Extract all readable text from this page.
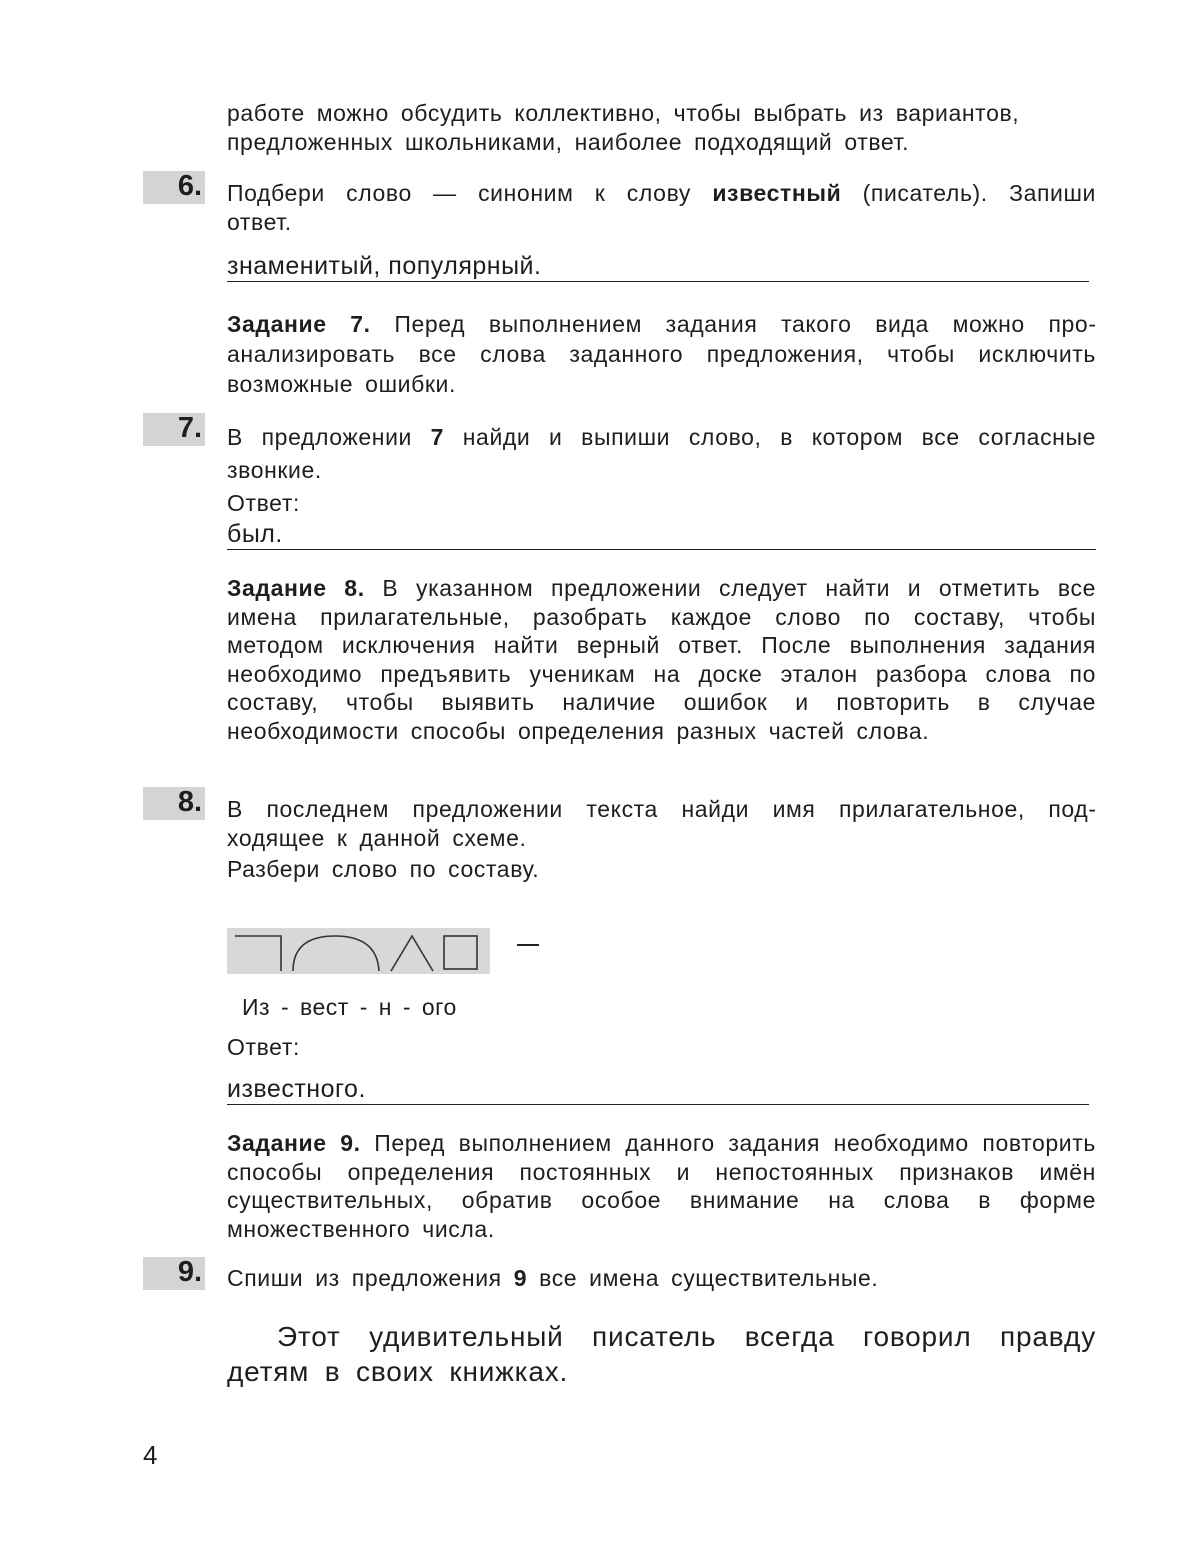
работе можно обсудить коллективно, чтобы выбрать из вариантов,
предложенных школьниками, наиболее подходящий ответ.
6. Подбери слово — синоним к слову известный (писатель). Запиши ответ.

знаменитый, популярный.

Задание 7. Перед выполнением задания такого вида можно проанализировать все слова заданного предложения, чтобы исключить возможные ошибки.

7. В предложении 7 найди и выпиши слово, в котором все согласные звонкие.

Ответ:
был.

Задание 8. В указанном предложении следует найти и отметить все имена прилагательные, разобрать каждое слово по составу, чтобы методом исключения найти верный ответ. После выполнения задания необходимо предъявить ученикам на доске эталон разбора слова по составу, чтобы выявить наличие ошибок и повторить в случае необходимости способы определения разных частей слова.

8. В последнем предложении текста найди имя прилагательное, подходящее к данной схеме.

Разбери слово по составу.
Из - вест - н - ого
Ответ:
известного.

Задание 9. Перед выполнением данного задания необходимо повторить способы определения постоянных и непостоянных признаков имён существительных, обратив особое внимание на слова в форме множественного числа.

9. Спиши из предложения 9 все имена существительные.

Этот удивительный писатель всегда говорил правду детям в своих книжках.

4
